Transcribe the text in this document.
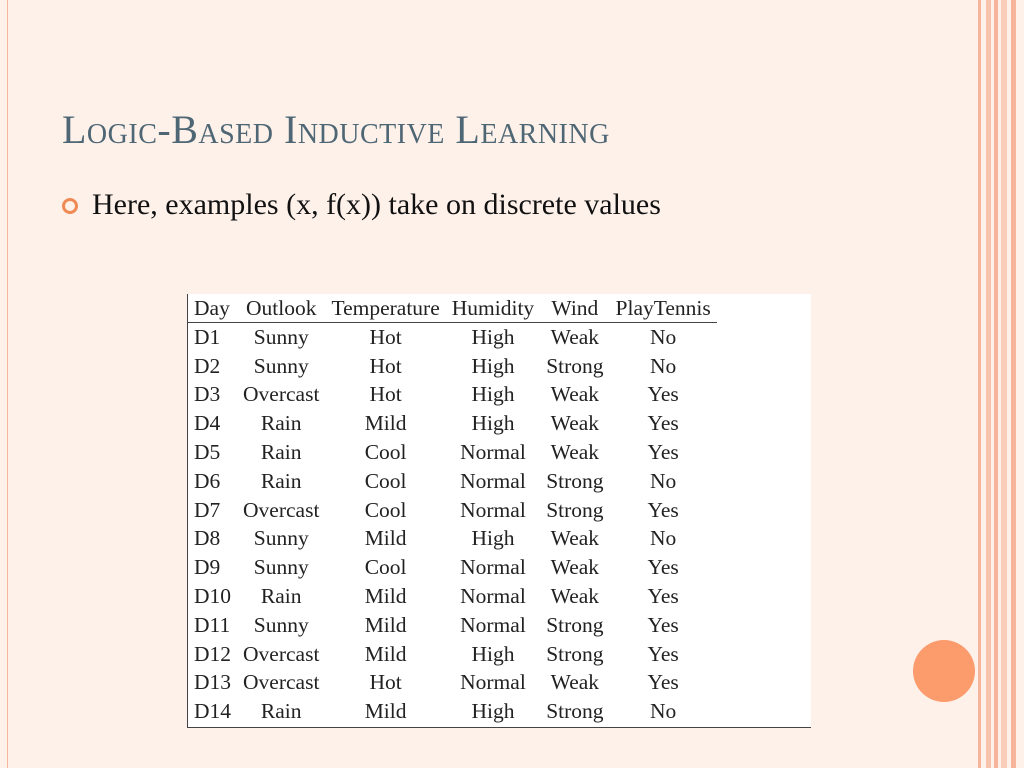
Logic-Based Inductive Learning
Here, examples (x, f(x)) take on discrete values
Day	Outlook	Temperature	Humidity	Wind	PlayTennis
D1	Sunny	Hot	High	Weak	No
D2	Sunny	Hot	High	Strong	No
D3	Overcast	Hot	High	Weak	Yes
D4	Rain	Mild	High	Weak	Yes
D5	Rain	Cool	Normal	Weak	Yes
D6	Rain	Cool	Normal	Strong	No
D7	Overcast	Cool	Normal	Strong	Yes
D8	Sunny	Mild	High	Weak	No
D9	Sunny	Cool	Normal	Weak	Yes
D10	Rain	Mild	Normal	Weak	Yes
D11	Sunny	Mild	Normal	Strong	Yes
D12	Overcast	Mild	High	Strong	Yes
D13	Overcast	Hot	Normal	Weak	Yes
D14	Rain	Mild	High	Strong	No
